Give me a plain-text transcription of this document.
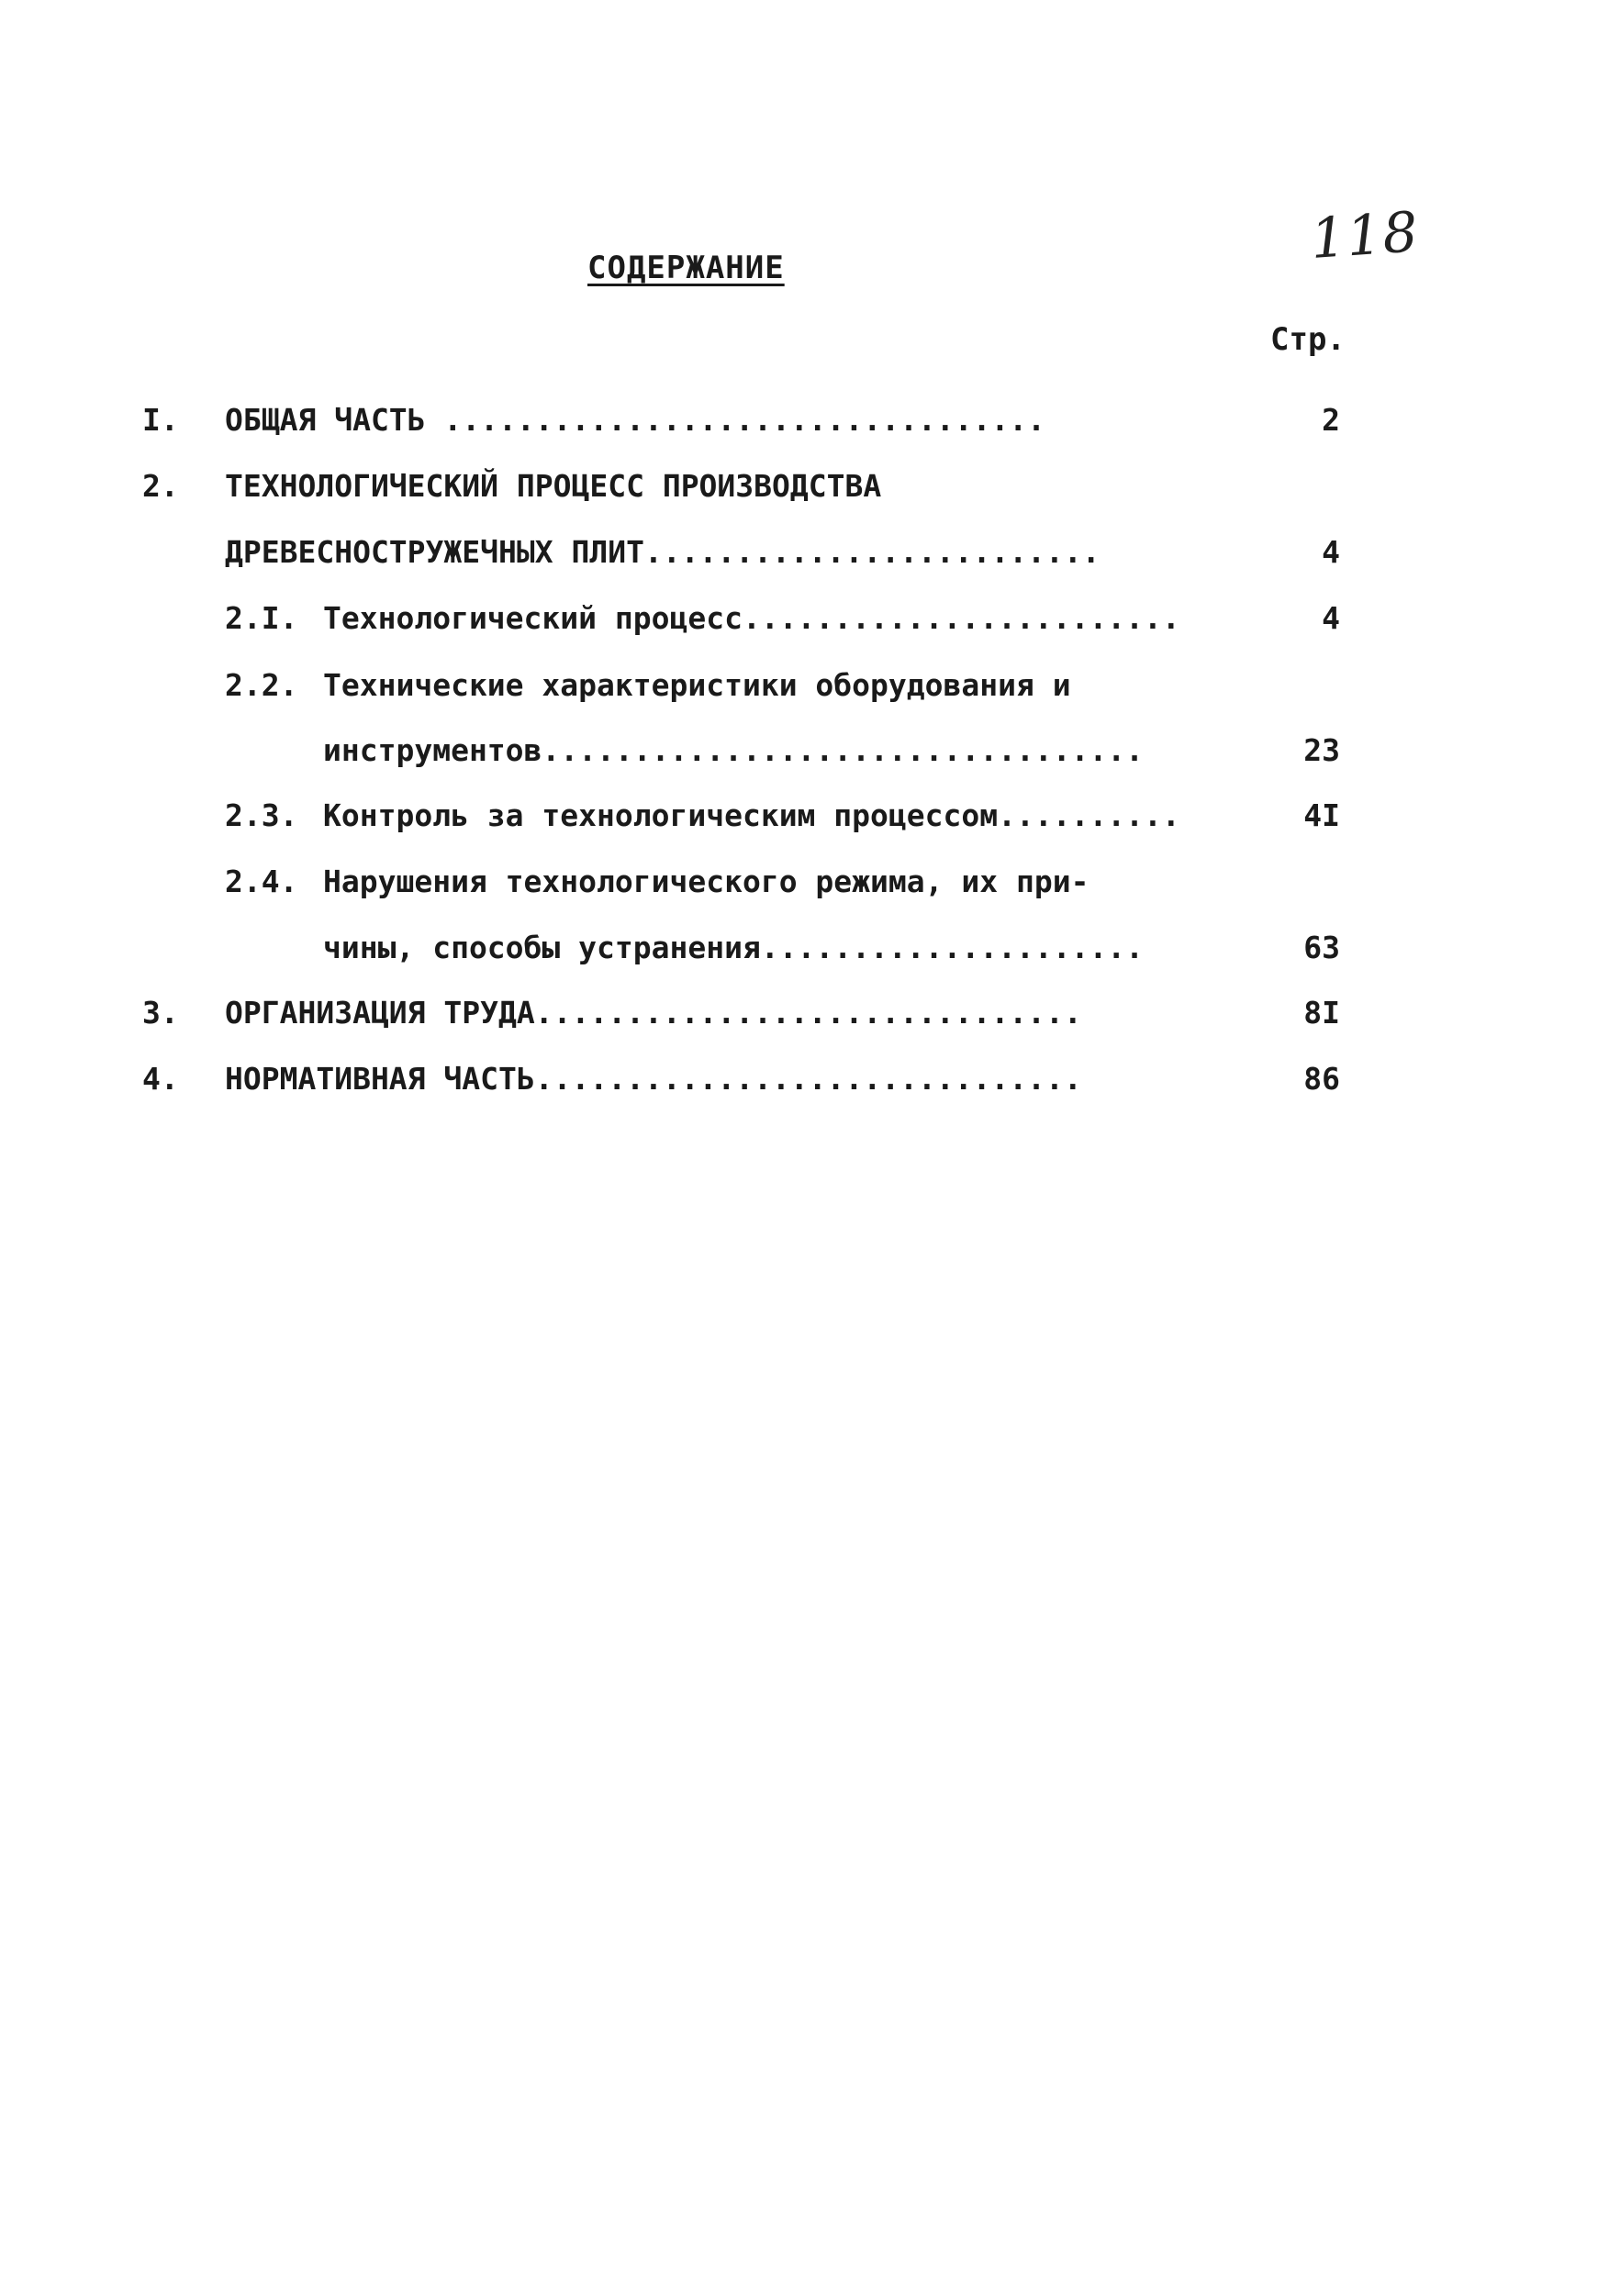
118
СОДЕРЖАНИЕ
Стр.
I. ОБЩАЯ ЧАСТЬ .................................	2
2. ТЕХНОЛОГИЧЕСКИЙ ПРОЦЕСС ПРОИЗВОДСТВА
ДРЕВЕСНОСТРУЖЕЧНЫХ ПЛИТ.........................	4
2.I. Технологический процесс........................	4
2.2. Технические характеристики оборудования и
инструментов.................................	23
2.3. Контроль за технологическим процессом..........	4I
2.4. Нарушения технологического режима, их при-
чины, способы устранения.....................	63
3. ОРГАНИЗАЦИЯ ТРУДА..............................	8I
4. НОРМАТИВНАЯ ЧАСТЬ..............................	86
